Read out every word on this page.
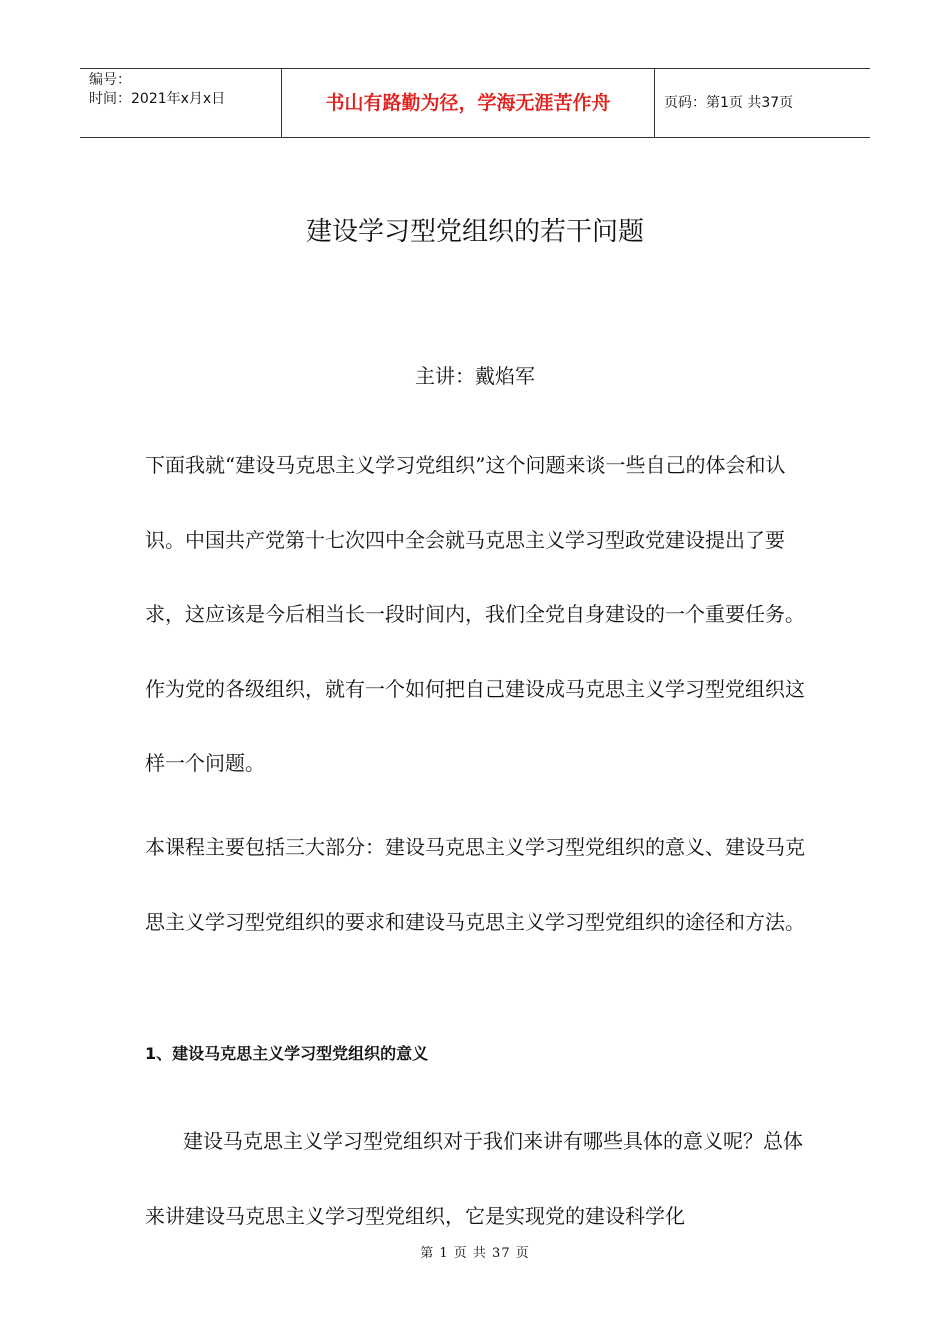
编号：
时间：2021年x月x日	书山有路勤为径，学海无涯苦作舟	页码：第1页 共37页
建设学习型党组织的若干问题
主讲：戴焰军
下面我就“建设马克思主义学习党组织”这个问题来谈一些自己的体会和认识。中国共产党第十七次四中全会就马克思主义学习型政党建设提出了要求，这应该是今后相当长一段时间内，我们全党自身建设的一个重要任务。作为党的各级组织，就有一个如何把自己建设成马克思主义学习型党组织这样一个问题。
本课程主要包括三大部分：建设马克思主义学习型党组织的意义、建设马克思主义学习型党组织的要求和建设马克思主义学习型党组织的途径和方法。
1、建设马克思主义学习型党组织的意义
建设马克思主义学习型党组织对于我们来讲有哪些具体的意义呢？总体来讲建设马克思主义学习型党组织，它是实现党的建设科学化
第 1 页 共 37 页
